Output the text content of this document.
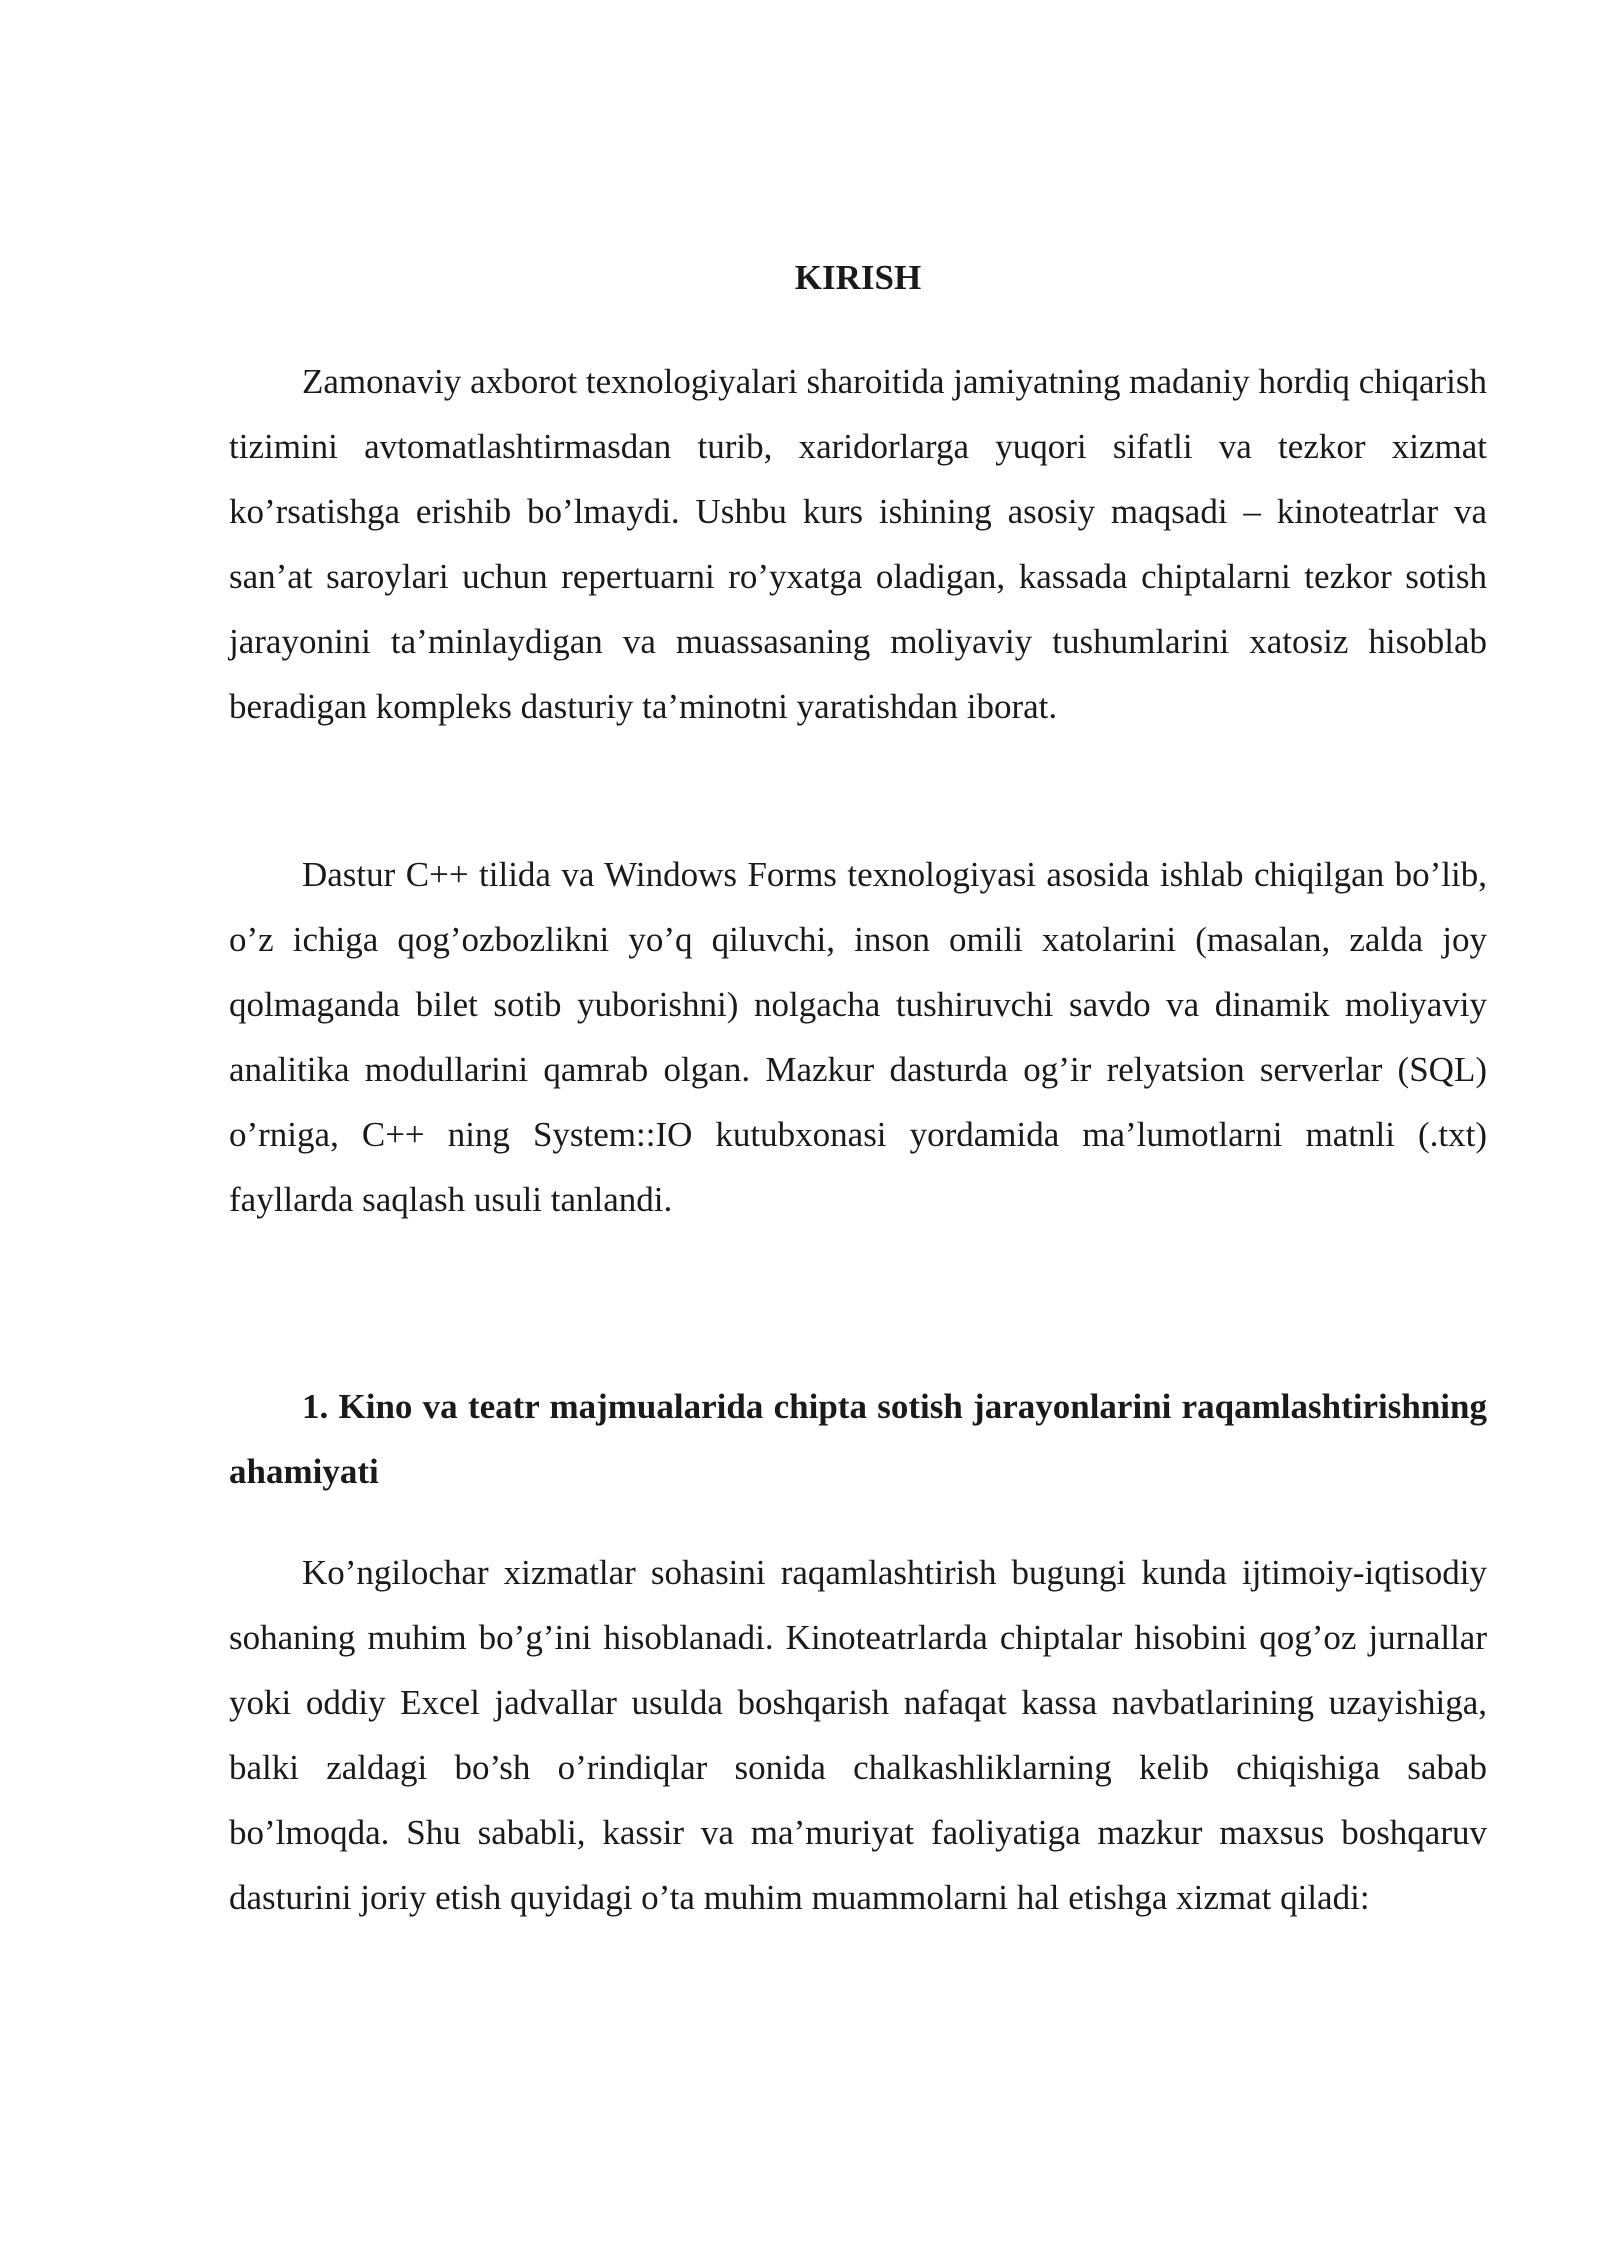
KIRISH

Zamonaviy axborot texnologiyalari sharoitida jamiyatning madaniy hordiq chiqarish tizimini avtomatlashtirmasdan turib, xaridorlarga yuqori sifatli va tezkor xizmat ko’rsatishga erishib bo’lmaydi. Ushbu kurs ishining asosiy maqsadi – kinoteatrlar va san’at saroylari uchun repertuarni ro’yxatga oladigan, kassada chiptalarni tezkor sotish jarayonini ta’minlaydigan va muassasaning moliyaviy tushumlarini xatosiz hisoblab beradigan kompleks dasturiy ta’minotni yaratishdan iborat.

Dastur C++ tilida va Windows Forms texnologiyasi asosida ishlab chiqilgan bo’lib, o’z ichiga qog’ozbozlikni yo’q qiluvchi, inson omili xatolarini (masalan, zalda joy qolmaganda bilet sotib yuborishni) nolgacha tushiruvchi savdo va dinamik moliyaviy analitika modullarini qamrab olgan. Mazkur dasturda og’ir relyatsion serverlar (SQL) o’rniga, C++ ning System::IO kutubxonasi yordamida ma’lumotlarni matnli (.txt) fayllarda saqlash usuli tanlandi.

1. Kino va teatr majmualarida chipta sotish jarayonlarini raqamlashtirishning ahamiyati

Ko’ngilochar xizmatlar sohasini raqamlashtirish bugungi kunda ijtimoiy-iqtisodiy sohaning muhim bo’g’ini hisoblanadi. Kinoteatrlarda chiptalar hisobini qog’oz jurnallar yoki oddiy Excel jadvallar usulda boshqarish nafaqat kassa navbatlarining uzayishiga, balki zaldagi bo’sh o’rindiqlar sonida chalkashliklarning kelib chiqishiga sabab bo’lmoqda. Shu sababli, kassir va ma’muriyat faoliyatiga mazkur maxsus boshqaruv dasturini joriy etish quyidagi o’ta muhim muammolarni hal etishga xizmat qiladi:
